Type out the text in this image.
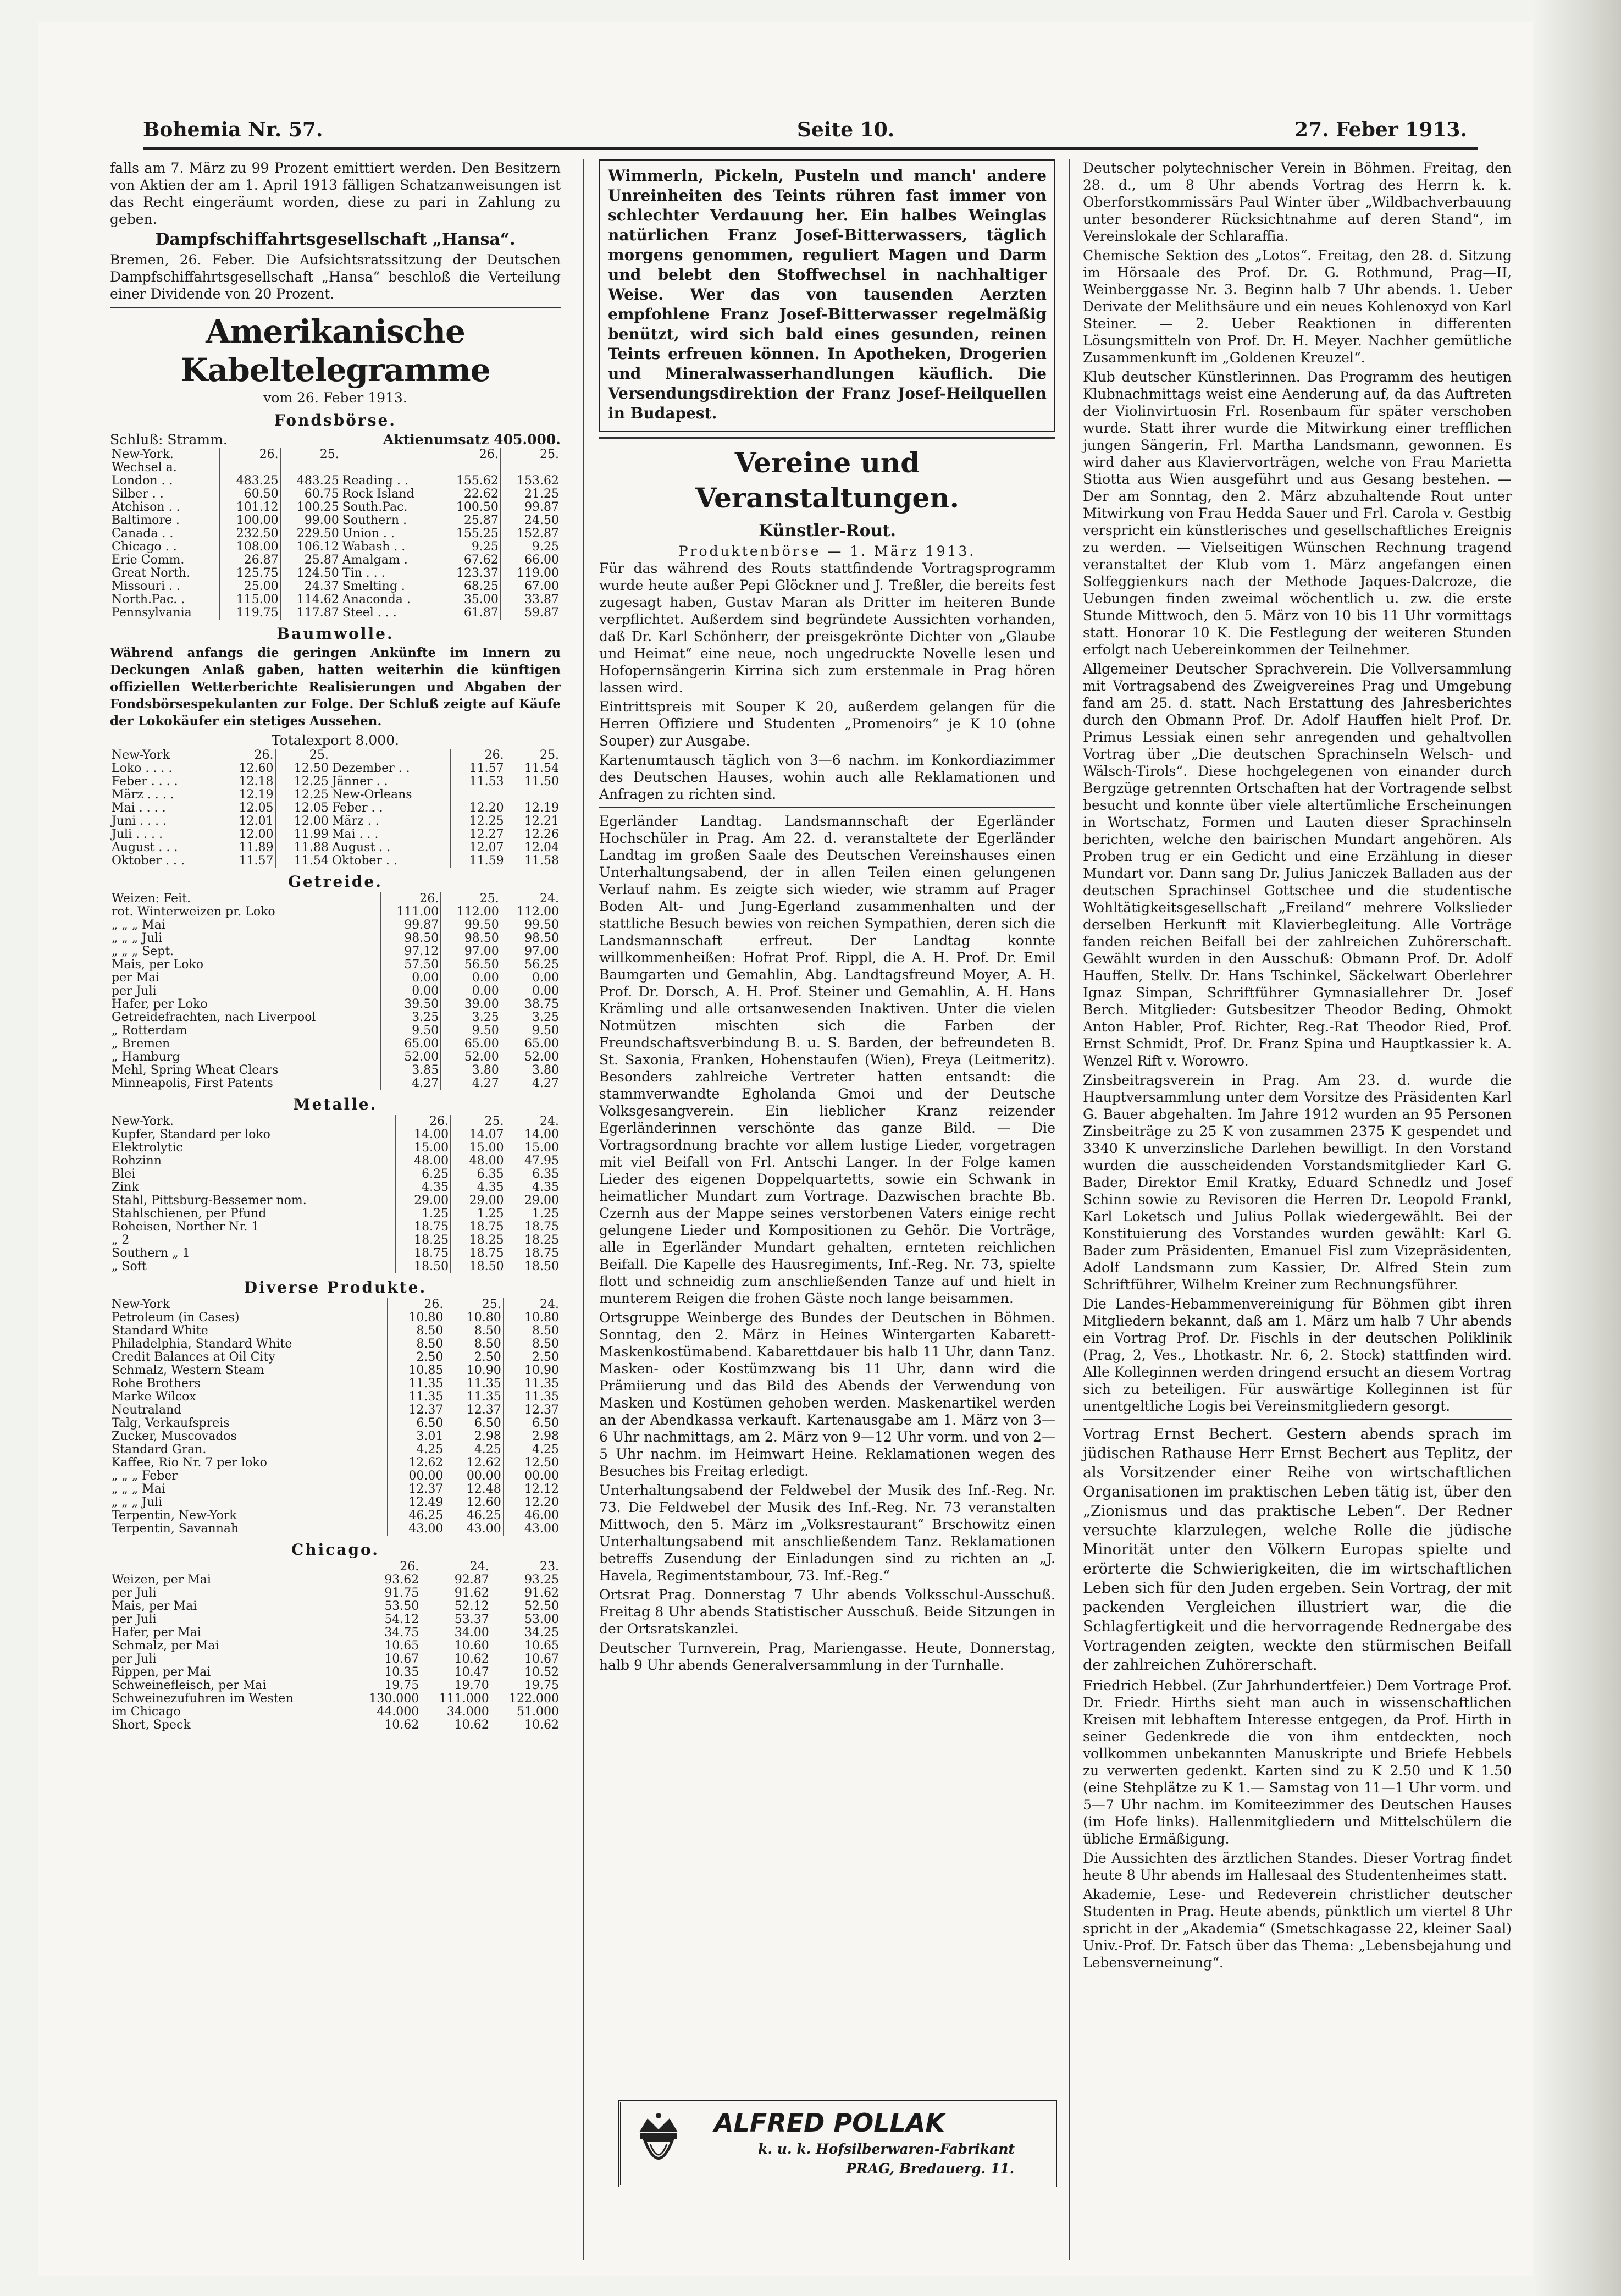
Bohemia Nr. 57.	Seite 10.	27. Feber 1913.

falls am 7. März zu 99 Prozent emittiert werden. Den Besitzern von Aktien der am 1. April 1913 fälligen Schatzanweisungen ist das Recht eingeräumt worden, diese zu pari in Zahlung zu geben.

Dampfschiffahrtsgesellschaft „Hansa“.

Bremen, 26. Feber. Die Aufsichtsratssitzung der Deutschen Dampfschiffahrtsgesellschaft „Hansa“ beschloß die Verteilung einer Dividende von 20 Prozent.

Amerikanische Kabeltelegramme
vom 26. Feber 1913.
Fondsbörse.
Schluß: Stramm.	Aktienumsatz 405.000.
New-York.	26.	25.		26.	25.
Wechsel a.					
London . .	483.25	483.25	Reading . .	155.62	153.62
Silber . .	60.50	60.75	Rock Island	22.62	21.25
Atchison . .	101.12	100.25	South.Pac.	100.50	99.87
Baltimore .	100.00	99.00	Southern .	25.87	24.50
Canada . .	232.50	229.50	Union . .	155.25	152.87
Chicago . .	108.00	106.12	Wabash . .	9.25	9.25
Erie Comm.	26.87	25.87	Amalgam .	67.62	66.00
Great North.	125.75	124.50	Tin . . .	123.37	119.00
Missouri . .	25.00	24.37	Smelting .	68.25	67.00
North.Pac. .	115.00	114.62	Anaconda .	35.00	33.87
Pennsylvania	119.75	117.87	Steel . . .	61.87	59.87
Baumwolle.

Während anfangs die geringen Ankünfte im Innern zu Deckungen Anlaß gaben, hatten weiterhin die künftigen offiziellen Wetterberichte Realisierungen und Abgaben der Fondsbörsespekulanten zur Folge. Der Schluß zeigte auf Käufe der Lokokäufer ein stetiges Aussehen.

Totalexport 8.000.
New-York	26.	25.		26.	25.
Loko . . . .	12.60	12.50	Dezember . .	11.57	11.54
Feber . . . .	12.18	12.25	Jänner . .	11.53	11.50
März . . . .	12.19	12.25	New-Orleans		
Mai . . . .	12.05	12.05	Feber . .	12.20	12.19
Juni . . . .	12.01	12.00	März . .	12.25	12.21
Juli . . . .	12.00	11.99	Mai . . .	12.27	12.26
August . . .	11.89	11.88	August . .	12.07	12.04
Oktober . . .	11.57	11.54	Oktober . .	11.59	11.58
Getreide.
Weizen: Feit.	26.	25.	24.
rot. Winterweizen pr. Loko	111.00	112.00	112.00
„ „ „ Mai	99.87	99.50	99.50
„ „ „ Juli	98.50	98.50	98.50
„ „ „ Sept.	97.12	97.00	97.00
Mais, per Loko	57.50	56.50	56.25
per Mai	0.00	0.00	0.00
per Juli	0.00	0.00	0.00
Hafer, per Loko	39.50	39.00	38.75
Getreidefrachten, nach Liverpool	3.25	3.25	3.25
„ Rotterdam	9.50	9.50	9.50
„ Bremen	65.00	65.00	65.00
„ Hamburg	52.00	52.00	52.00
Mehl, Spring Wheat Clears	3.85	3.80	3.80
Minneapolis, First Patents	4.27	4.27	4.27
Metalle.
New-York.	26.	25.	24.
Kupfer, Standard per loko	14.00	14.07	14.00
Elektrolytic	15.00	15.00	15.00
Rohzinn	48.00	48.00	47.95
Blei	6.25	6.35	6.35
Zink	4.35	4.35	4.35
Stahl, Pittsburg-Bessemer nom.	29.00	29.00	29.00
Stahlschienen, per Pfund	1.25	1.25	1.25
Roheisen, Norther Nr. 1	18.75	18.75	18.75
„ 2	18.25	18.25	18.25
Southern „ 1	18.75	18.75	18.75
„ Soft	18.50	18.50	18.50
Diverse Produkte.
New-York	26.	25.	24.
Petroleum (in Cases)	10.80	10.80	10.80
Standard White	8.50	8.50	8.50
Philadelphia, Standard White	8.50	8.50	8.50
Credit Balances at Oil City	2.50	2.50	2.50
Schmalz, Western Steam	10.85	10.90	10.90
Rohe Brothers	11.35	11.35	11.35
Marke Wilcox	11.35	11.35	11.35
Neutraland	12.37	12.37	12.37
Talg, Verkaufspreis	6.50	6.50	6.50
Zucker, Muscovados	3.01	2.98	2.98
Standard Gran.	4.25	4.25	4.25
Kaffee, Rio Nr. 7 per loko	12.62	12.62	12.50
„ „ „ Feber	00.00	00.00	00.00
„ „ „ Mai	12.37	12.48	12.12
„ „ „ Juli	12.49	12.60	12.20
Terpentin, New-York	46.25	46.25	46.00
Terpentin, Savannah	43.00	43.00	43.00
Chicago.
	26.	24.	23.
Weizen, per Mai	93.62	92.87	93.25
per Juli	91.75	91.62	91.62
Mais, per Mai	53.50	52.12	52.50
per Juli	54.12	53.37	53.00
Hafer, per Mai	34.75	34.00	34.25
Schmalz, per Mai	10.65	10.60	10.65
per Juli	10.67	10.62	10.67
Rippen, per Mai	10.35	10.47	10.52
Schweinefleisch, per Mai	19.75	19.70	19.75
Schweinezufuhren im Westen	130.000	111.000	122.000
im Chicago	44.000	34.000	51.000
Short, Speck	10.62	10.62	10.62

Wimmerln, Pickeln, Pusteln und manch' andere Unreinheiten des Teints rühren fast immer von schlechter Verdauung her. Ein halbes Weinglas natürlichen Franz Josef-Bitterwassers, täglich morgens genommen, reguliert Magen und Darm und belebt den Stoffwechsel in nachhaltiger Weise. Wer das von tausenden Aerzten empfohlene Franz Josef-Bitterwasser regelmäßig benützt, wird sich bald eines gesunden, reinen Teints erfreuen können. In Apotheken, Drogerien und Mineralwasserhandlungen käuflich. Die Versendungsdirektion der Franz Josef-Heilquellen in Budapest.

Vereine und Veranstaltungen.
Künstler-Rout.
Produktenbörse — 1. März 1913.

Für das während des Routs stattfindende Vortragsprogramm wurde heute außer Pepi Glöckner und J. Treßler, die bereits fest zugesagt haben, Gustav Maran als Dritter im heiteren Bunde verpflichtet. Außerdem sind begründete Aussichten vorhanden, daß Dr. Karl Schönherr, der preisgekrönte Dichter von „Glaube und Heimat“ eine neue, noch ungedruckte Novelle lesen und Hofopernsängerin Kirrina sich zum erstenmale in Prag hören lassen wird.

Eintrittspreis mit Souper K 20, außerdem gelangen für die Herren Offiziere und Studenten „Promenoirs“ je K 10 (ohne Souper) zur Ausgabe.

Kartenumtausch täglich von 3—6 nachm. im Konkordiazimmer des Deutschen Hauses, wohin auch alle Reklamationen und Anfragen zu richten sind.

Egerländer Landtag. Landsmannschaft der Egerländer Hochschüler in Prag. Am 22. d. veranstaltete der Egerländer Landtag im großen Saale des Deutschen Vereinshauses einen Unterhaltungsabend, der in allen Teilen einen gelungenen Verlauf nahm. Es zeigte sich wieder, wie stramm auf Prager Boden Alt- und Jung-Egerland zusammenhalten und der stattliche Besuch bewies von reichen Sympathien, deren sich die Landsmannschaft erfreut. Der Landtag konnte willkommenheißen: Hofrat Prof. Rippl, die A. H. Prof. Dr. Emil Baumgarten und Gemahlin, Abg. Landtagsfreund Moyer, A. H. Prof. Dr. Dorsch, A. H. Prof. Steiner und Gemahlin, A. H. Hans Krämling und alle ortsanwesenden Inaktiven. Unter die vielen Notmützen mischten sich die Farben der Freundschaftsverbindung B. u. S. Barden, der befreundeten B. St. Saxonia, Franken, Hohenstaufen (Wien), Freya (Leitmeritz). Besonders zahlreiche Vertreter hatten entsandt: die stammverwandte Egholanda Gmoi und der Deutsche Volksgesangverein. Ein lieblicher Kranz reizender Egerländerinnen verschönte das ganze Bild. — Die Vortragsordnung brachte vor allem lustige Lieder, vorgetragen mit viel Beifall von Frl. Antschi Langer. In der Folge kamen Lieder des eigenen Doppelquartetts, sowie ein Schwank in heimatlicher Mundart zum Vortrage. Dazwischen brachte Bb. Czernh aus der Mappe seines verstorbenen Vaters einige recht gelungene Lieder und Kompositionen zu Gehör. Die Vorträge, alle in Egerländer Mundart gehalten, ernteten reichlichen Beifall. Die Kapelle des Hausregiments, Inf.-Reg. Nr. 73, spielte flott und schneidig zum anschließenden Tanze auf und hielt in munterem Reigen die frohen Gäste noch lange beisammen.

Ortsgruppe Weinberge des Bundes der Deutschen in Böhmen. Sonntag, den 2. März in Heines Wintergarten Kabarett-Maskenkostümabend. Kabarettdauer bis halb 11 Uhr, dann Tanz. Masken- oder Kostümzwang bis 11 Uhr, dann wird die Prämiierung und das Bild des Abends der Verwendung von Masken und Kostümen gehoben werden. Maskenartikel werden an der Abendkassa verkauft. Kartenausgabe am 1. März von 3—6 Uhr nachmittags, am 2. März von 9—12 Uhr vorm. und von 2—5 Uhr nachm. im Heimwart Heine. Reklamationen wegen des Besuches bis Freitag erledigt.

Unterhaltungsabend der Feldwebel der Musik des Inf.-Reg. Nr. 73. Die Feldwebel der Musik des Inf.-Reg. Nr. 73 veranstalten Mittwoch, den 5. März im „Volksrestaurant“ Brschowitz einen Unterhaltungsabend mit anschließendem Tanz. Reklamationen betreffs Zusendung der Einladungen sind zu richten an „J. Havela, Regimentstambour, 73. Inf.-Reg.“

Ortsrat Prag. Donnerstag 7 Uhr abends Volksschul-Ausschuß. Freitag 8 Uhr abends Statistischer Ausschuß. Beide Sitzungen in der Ortsratskanzlei.

Deutscher Turnverein, Prag, Mariengasse. Heute, Donnerstag, halb 9 Uhr abends Generalversammlung in der Turnhalle.

ALFRED POLLAK
k. u. k. Hofsilberwaren-Fabrikant
PRAG, Bredauerg. 11.

Deutscher polytechnischer Verein in Böhmen. Freitag, den 28. d., um 8 Uhr abends Vortrag des Herrn k. k. Oberforstkommissärs Paul Winter über „Wildbachverbauung unter besonderer Rücksichtnahme auf deren Stand“, im Vereinslokale der Schlaraffia.

Chemische Sektion des „Lotos“. Freitag, den 28. d. Sitzung im Hörsaale des Prof. Dr. G. Rothmund, Prag—II, Weinberggasse Nr. 3. Beginn halb 7 Uhr abends. 1. Ueber Derivate der Melithsäure und ein neues Kohlenoxyd von Karl Steiner. — 2. Ueber Reaktionen in differenten Lösungsmitteln von Prof. Dr. H. Meyer. Nachher gemütliche Zusammenkunft im „Goldenen Kreuzel“.

Klub deutscher Künstlerinnen. Das Programm des heutigen Klubnachmittags weist eine Aenderung auf, da das Auftreten der Violinvirtuosin Frl. Rosenbaum für später verschoben wurde. Statt ihrer wurde die Mitwirkung einer trefflichen jungen Sängerin, Frl. Martha Landsmann, gewonnen. Es wird daher aus Klaviervorträgen, welche von Frau Marietta Stiotta aus Wien ausgeführt und aus Gesang bestehen. — Der am Sonntag, den 2. März abzuhaltende Rout unter Mitwirkung von Frau Hedda Sauer und Frl. Carola v. Gestbig verspricht ein künstlerisches und gesellschaftliches Ereignis zu werden. — Vielseitigen Wünschen Rechnung tragend veranstaltet der Klub vom 1. März angefangen einen Solfeggienkurs nach der Methode Jaques-Dalcroze, die Uebungen finden zweimal wöchentlich u. zw. die erste Stunde Mittwoch, den 5. März von 10 bis 11 Uhr vormittags statt. Honorar 10 K. Die Festlegung der weiteren Stunden erfolgt nach Uebereinkommen der Teilnehmer.

Allgemeiner Deutscher Sprachverein. Die Vollversammlung mit Vortragsabend des Zweigvereines Prag und Umgebung fand am 25. d. statt. Nach Erstattung des Jahresberichtes durch den Obmann Prof. Dr. Adolf Hauffen hielt Prof. Dr. Primus Lessiak einen sehr anregenden und gehaltvollen Vortrag über „Die deutschen Sprachinseln Welsch- und Wälsch-Tirols“. Diese hochgelegenen von einander durch Bergzüge getrennten Ortschaften hat der Vortragende selbst besucht und konnte über viele altertümliche Erscheinungen in Wortschatz, Formen und Lauten dieser Sprachinseln berichten, welche den bairischen Mundart angehören. Als Proben trug er ein Gedicht und eine Erzählung in dieser Mundart vor. Dann sang Dr. Julius Janiczek Balladen aus der deutschen Sprachinsel Gottschee und die studentische Wohltätigkeitsgesellschaft „Freiland“ mehrere Volkslieder derselben Herkunft mit Klavierbegleitung. Alle Vorträge fanden reichen Beifall bei der zahlreichen Zuhörerschaft. Gewählt wurden in den Ausschuß: Obmann Prof. Dr. Adolf Hauffen, Stellv. Dr. Hans Tschinkel, Säckelwart Oberlehrer Ignaz Simpan, Schriftführer Gymnasiallehrer Dr. Josef Berch. Mitglieder: Gutsbesitzer Theodor Beding, Ohmokt Anton Habler, Prof. Richter, Reg.-Rat Theodor Ried, Prof. Ernst Schmidt, Prof. Dr. Franz Spina und Hauptkassier k. A. Wenzel Rift v. Worowro.

Zinsbeitragsverein in Prag. Am 23. d. wurde die Hauptversammlung unter dem Vorsitze des Präsidenten Karl G. Bauer abgehalten. Im Jahre 1912 wurden an 95 Personen Zinsbeiträge zu 25 K von zusammen 2375 K gespendet und 3340 K unverzinsliche Darlehen bewilligt. In den Vorstand wurden die ausscheidenden Vorstandsmitglieder Karl G. Bader, Direktor Emil Kratky, Eduard Schnedlz und Josef Schinn sowie zu Revisoren die Herren Dr. Leopold Frankl, Karl Loketsch und Julius Pollak wiedergewählt. Bei der Konstituierung des Vorstandes wurden gewählt: Karl G. Bader zum Präsidenten, Emanuel Fisl zum Vizepräsidenten, Adolf Landsmann zum Kassier, Dr. Alfred Stein zum Schriftführer, Wilhelm Kreiner zum Rechnungsführer.

Die Landes-Hebammenvereinigung für Böhmen gibt ihren Mitgliedern bekannt, daß am 1. März um halb 7 Uhr abends ein Vortrag Prof. Dr. Fischls in der deutschen Poliklinik (Prag, 2, Ves., Lhotkastr. Nr. 6, 2. Stock) stattfinden wird. Alle Kolleginnen werden dringend ersucht an diesem Vortrag sich zu beteiligen. Für auswärtige Kolleginnen ist für unentgeltliche Logis bei Vereinsmitgliedern gesorgt.

Vortrag Ernst Bechert. Gestern abends sprach im jüdischen Rathause Herr Ernst Bechert aus Teplitz, der als Vorsitzender einer Reihe von wirtschaftlichen Organisationen im praktischen Leben tätig ist, über den „Zionismus und das praktische Leben“. Der Redner versuchte klarzulegen, welche Rolle die jüdische Minorität unter den Völkern Europas spielte und erörterte die Schwierigkeiten, die im wirtschaftlichen Leben sich für den Juden ergeben. Sein Vortrag, der mit packenden Vergleichen illustriert war, die die Schlagfertigkeit und die hervorragende Rednergabe des Vortragenden zeigten, weckte den stürmischen Beifall der zahlreichen Zuhörerschaft.

Friedrich Hebbel. (Zur Jahrhundertfeier.) Dem Vortrage Prof. Dr. Friedr. Hirths sieht man auch in wissenschaftlichen Kreisen mit lebhaftem Interesse entgegen, da Prof. Hirth in seiner Gedenkrede die von ihm entdeckten, noch vollkommen unbekannten Manuskripte und Briefe Hebbels zu verwerten gedenkt. Karten sind zu K 2.50 und K 1.50 (eine Stehplätze zu K 1.— Samstag von 11—1 Uhr vorm. und 5—7 Uhr nachm. im Komiteezimmer des Deutschen Hauses (im Hofe links). Hallenmitgliedern und Mittelschülern die übliche Ermäßigung.

Die Aussichten des ärztlichen Standes. Dieser Vortrag findet heute 8 Uhr abends im Hallesaal des Studentenheimes statt.

Akademie, Lese- und Redeverein christlicher deutscher Studenten in Prag. Heute abends, pünktlich um viertel 8 Uhr spricht in der „Akademia“ (Smetschkagasse 22, kleiner Saal) Univ.-Prof. Dr. Fatsch über das Thema: „Lebensbejahung und Lebensverneinung“.
